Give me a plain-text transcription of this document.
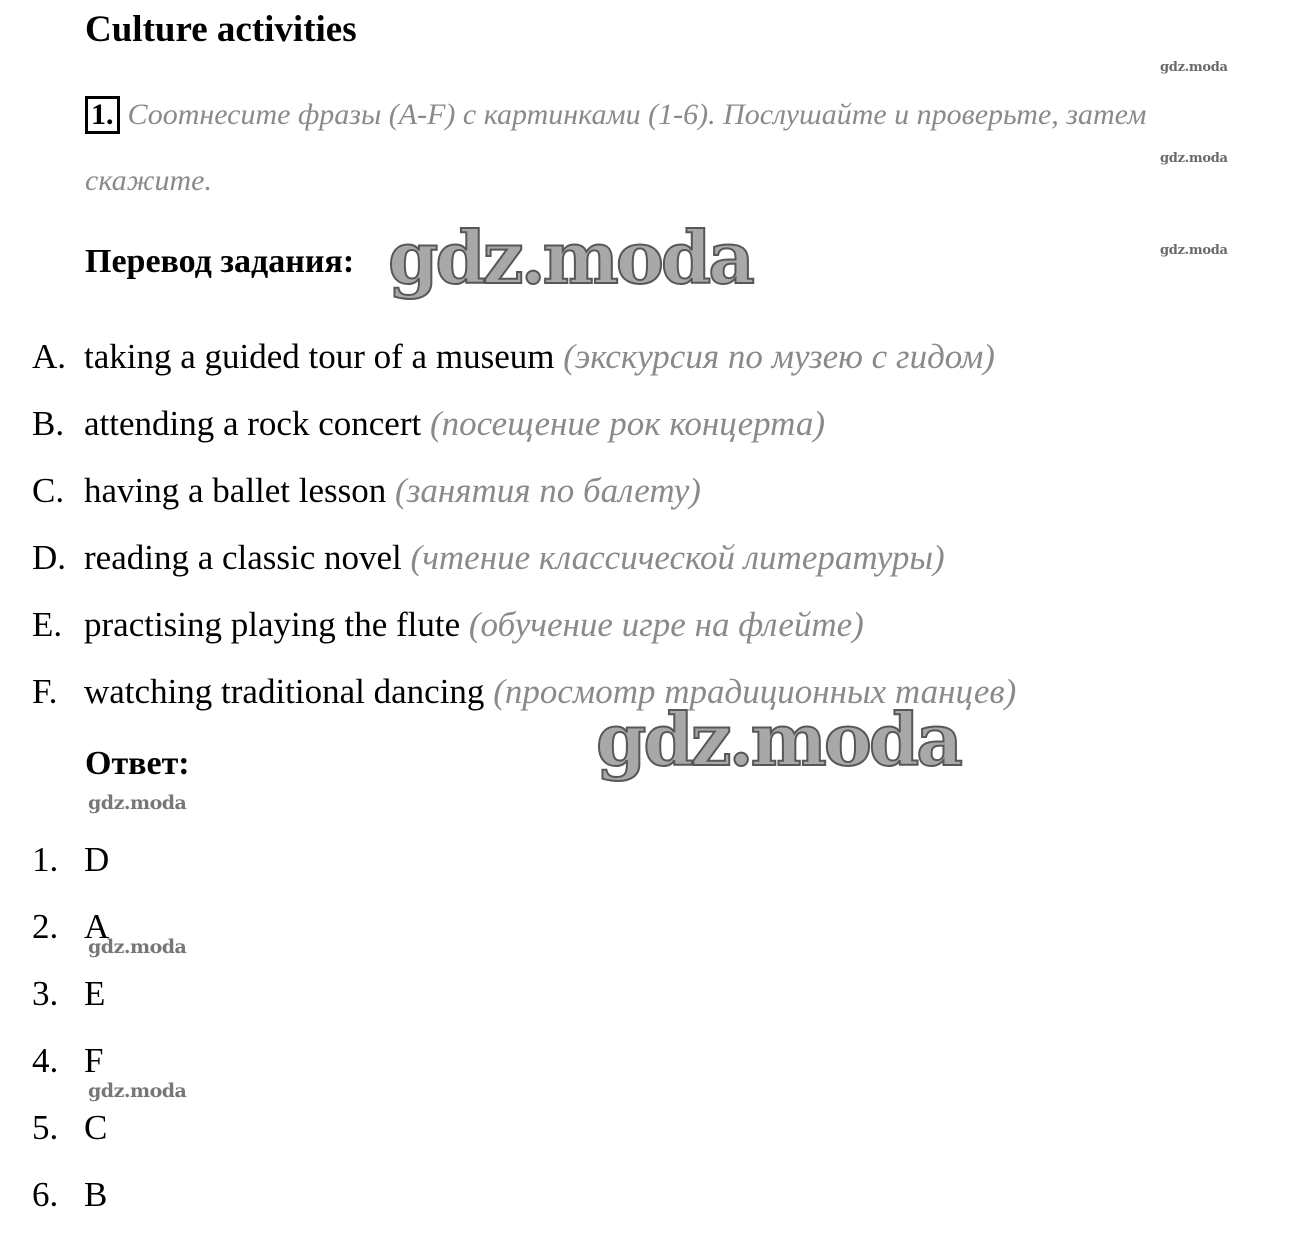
Culture activities
1. Соотнесите фразы (A-F) с картинками (1-6). Послушайте и проверьте, затем
скажите.
Перевод задания:
A. taking a guided tour of a museum (экскурсия по музею с гидом)
B. attending a rock concert (посещение рок концерта)
C. having a ballet lesson (занятия по балету)
D. reading a classic novel (чтение классической литературы)
E. practising playing the flute (обучение игре на флейте)
F. watching traditional dancing (просмотр традиционных танцев)
Ответ:
1. D
2. A
3. E
4. F
5. C
6. B
gdz.moda
gdz.moda
gdz.moda
gdz.moda
gdz.moda
gdz.moda
gdz.moda
gdz.moda
